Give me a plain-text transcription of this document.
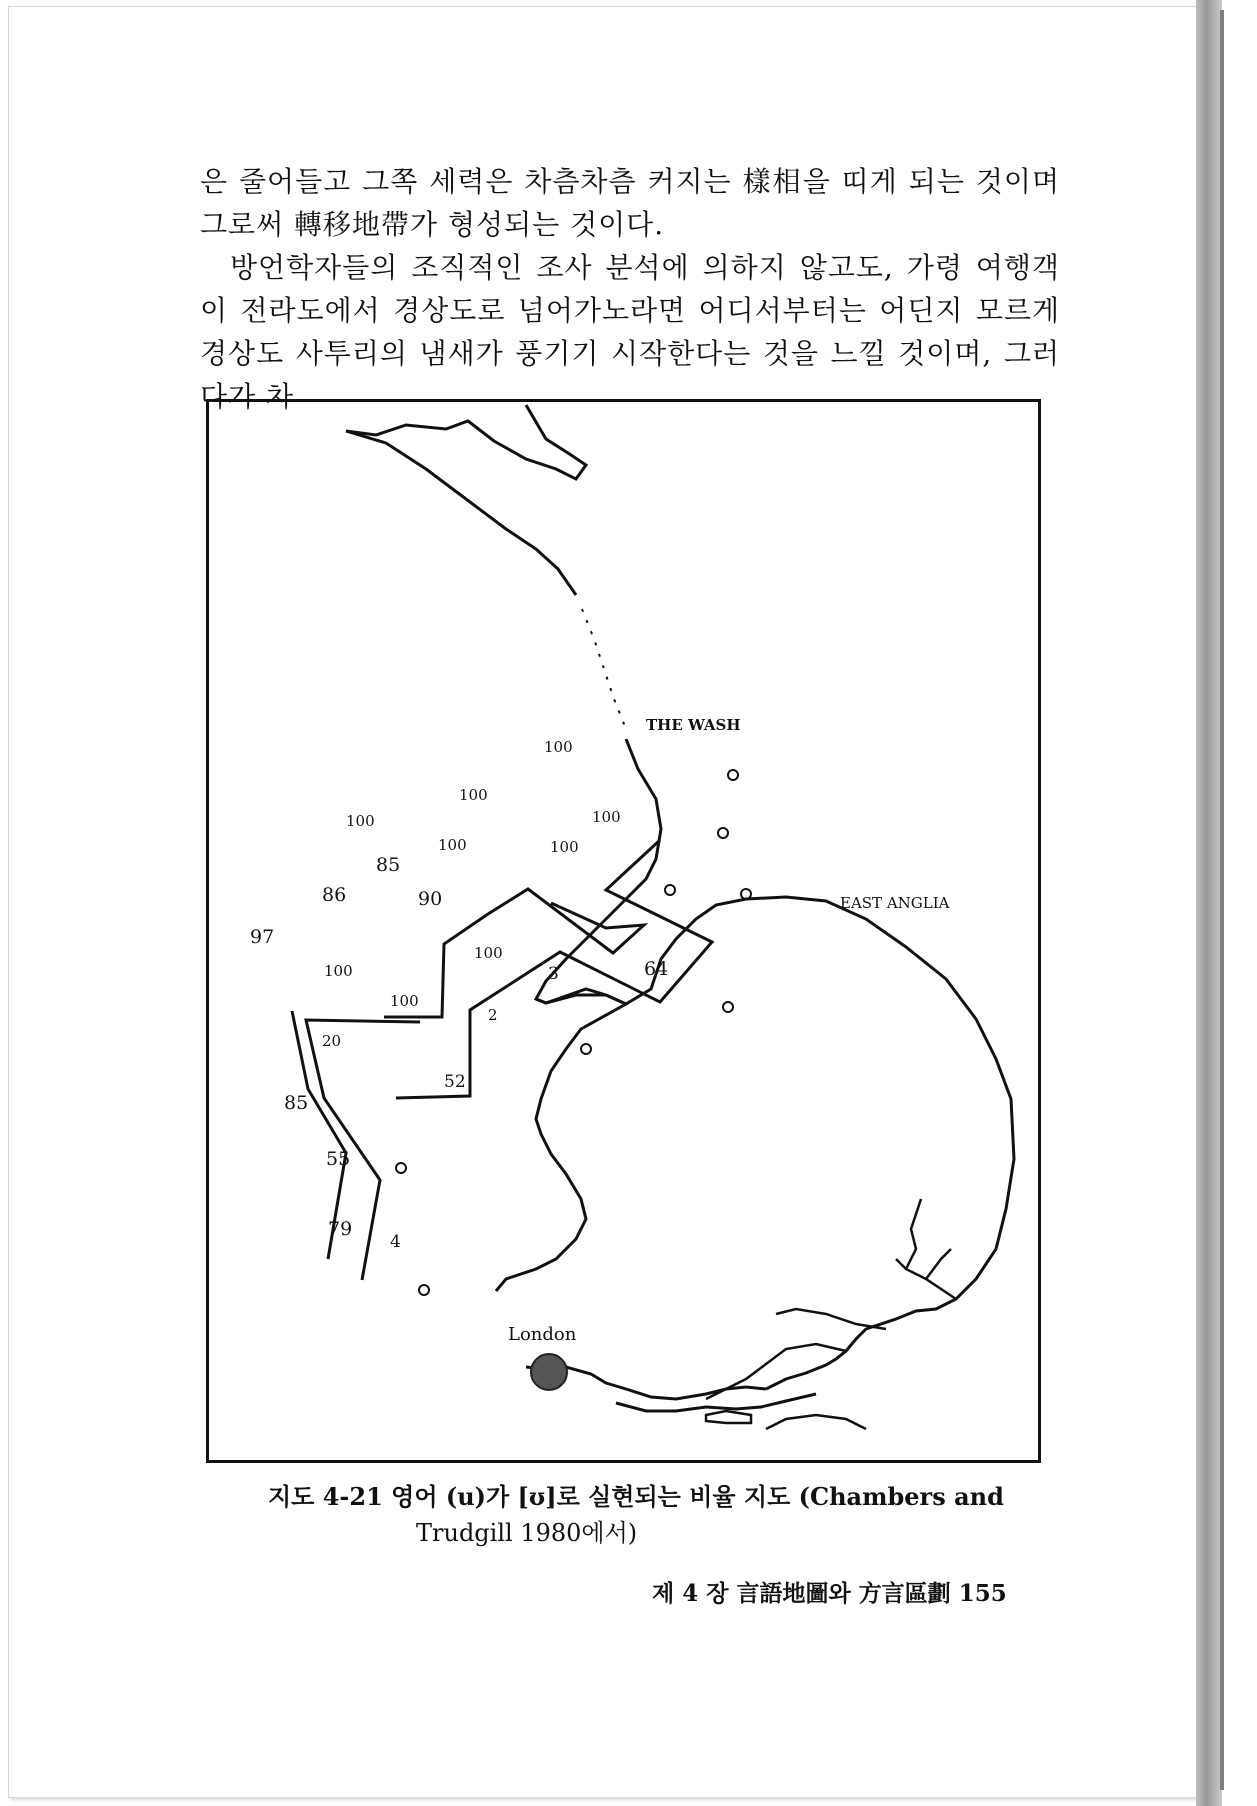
은 줄어들고 그쪽 세력은 차츰차츰 커지는 樣相을 띠게 되는 것이며 그로써 轉移地帶가 형성되는 것이다.

방언학자들의 조직적인 조사 분석에 의하지 않고도, 가령 여행객이 전라도에서 경상도로 넘어가노라면 어디서부터는 어딘지 모르게 경상도 사투리의 냄새가 풍기기 시작한다는 것을 느낄 것이며, 그러다가 차

THE WASH
EAST ANGLIA
London
100
100
100	100
100	100
100
85
86	90
97
100
100
3	64
2
20
52
85
55
79
4
지도 4-21 영어 (u)가 [ʊ]로 실현되는 비율 지도 (Chambers and
Trudgill 1980에서)
제 4 장 言語地圖와 方言區劃 155
